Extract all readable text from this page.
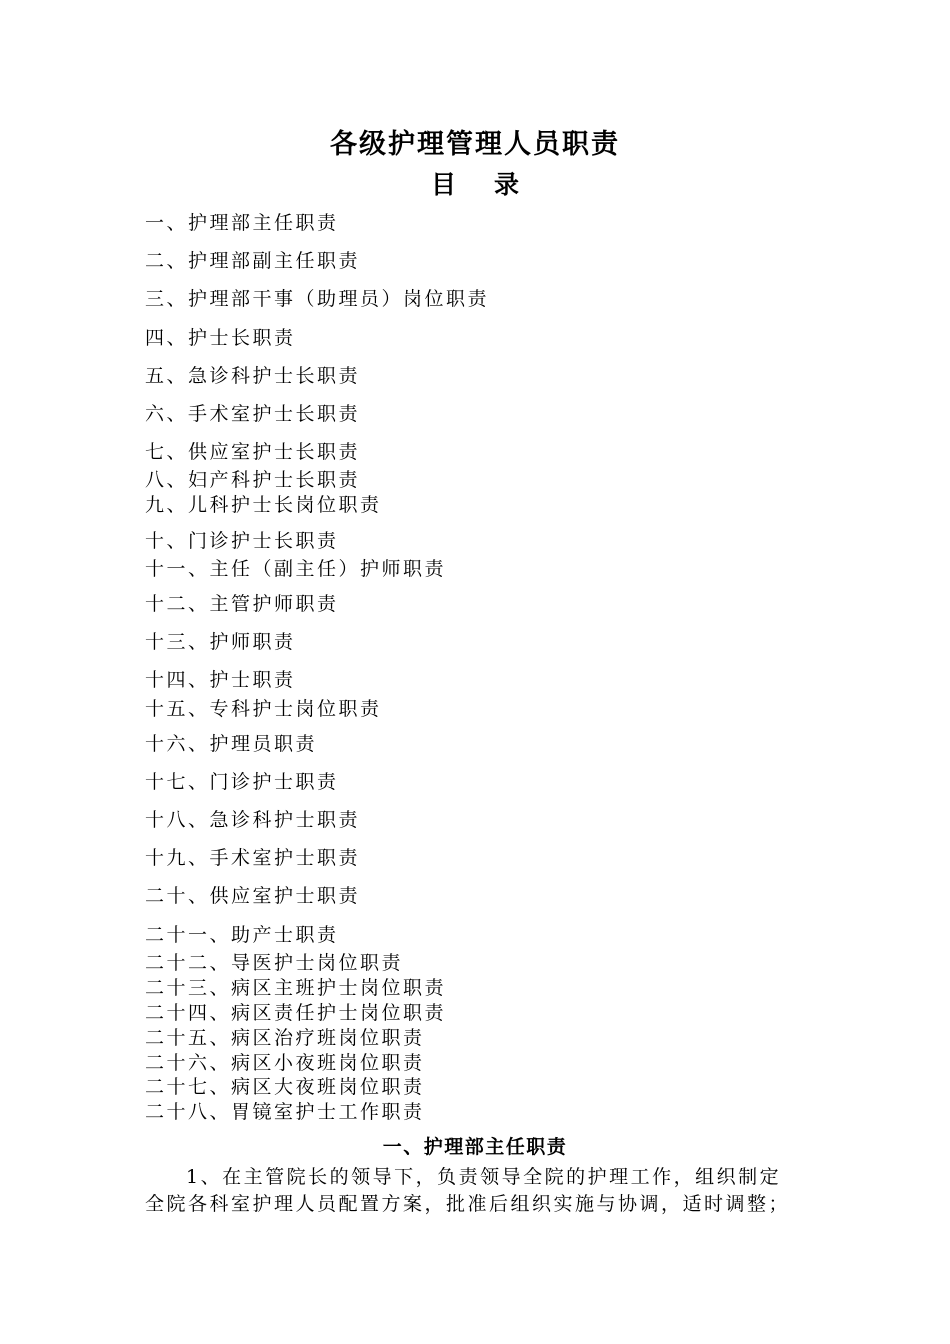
各级护理管理人员职责
目 录
一、护理部主任职责
二、护理部副主任职责
三、护理部干事（助理员）岗位职责
四、护士长职责
五、急诊科护士长职责
六、手术室护士长职责
七、供应室护士长职责
八、妇产科护士长职责
九、儿科护士长岗位职责
十、门诊护士长职责
十一、主任（副主任）护师职责
十二、主管护师职责
十三、护师职责
十四、护士职责
十五、专科护士岗位职责
十六、护理员职责
十七、门诊护士职责
十八、急诊科护士职责
十九、手术室护士职责
二十、供应室护士职责
二十一、助产士职责
二十二、导医护士岗位职责
二十三、病区主班护士岗位职责
二十四、病区责任护士岗位职责
二十五、病区治疗班岗位职责
二十六、病区小夜班岗位职责
二十七、病区大夜班岗位职责
二十八、胃镜室护士工作职责
一、护理部主任职责
1、在主管院长的领导下，负责领导全院的护理工作，组织制定
全院各科室护理人员配置方案，批准后组织实施与协调，适时调整；
